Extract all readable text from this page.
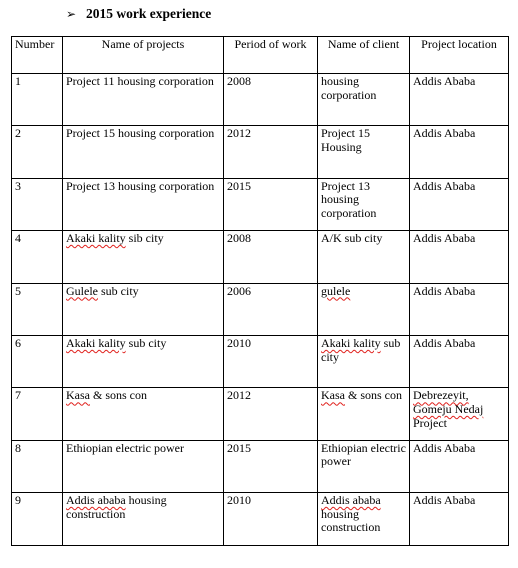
➢ 2015 work experience
Number	Name of projects	Period of work	Name of client	Project location
1	Project 11 housing corporation	2008	housing corporation	Addis Ababa
2	Project 15 housing corporation	2012	Project 15 Housing	Addis Ababa
3	Project 13 housing corporation	2015	Project 13 housing corporation	Addis Ababa
4	Akaki kality sib city	2008	A/K sub city	Addis Ababa
5	Gulele sub city	2006	gulele	Addis Ababa
6	Akaki kality sub city	2010	Akaki kality sub city	Addis Ababa
7	Kasa & sons con	2012	Kasa & sons con	Debrezeyit, Gomeju Nedaj Project
8	Ethiopian electric power	2015	Ethiopian electric power	Addis Ababa
9	Addis ababa housing construction	2010	Addis ababa housing construction	Addis Ababa
